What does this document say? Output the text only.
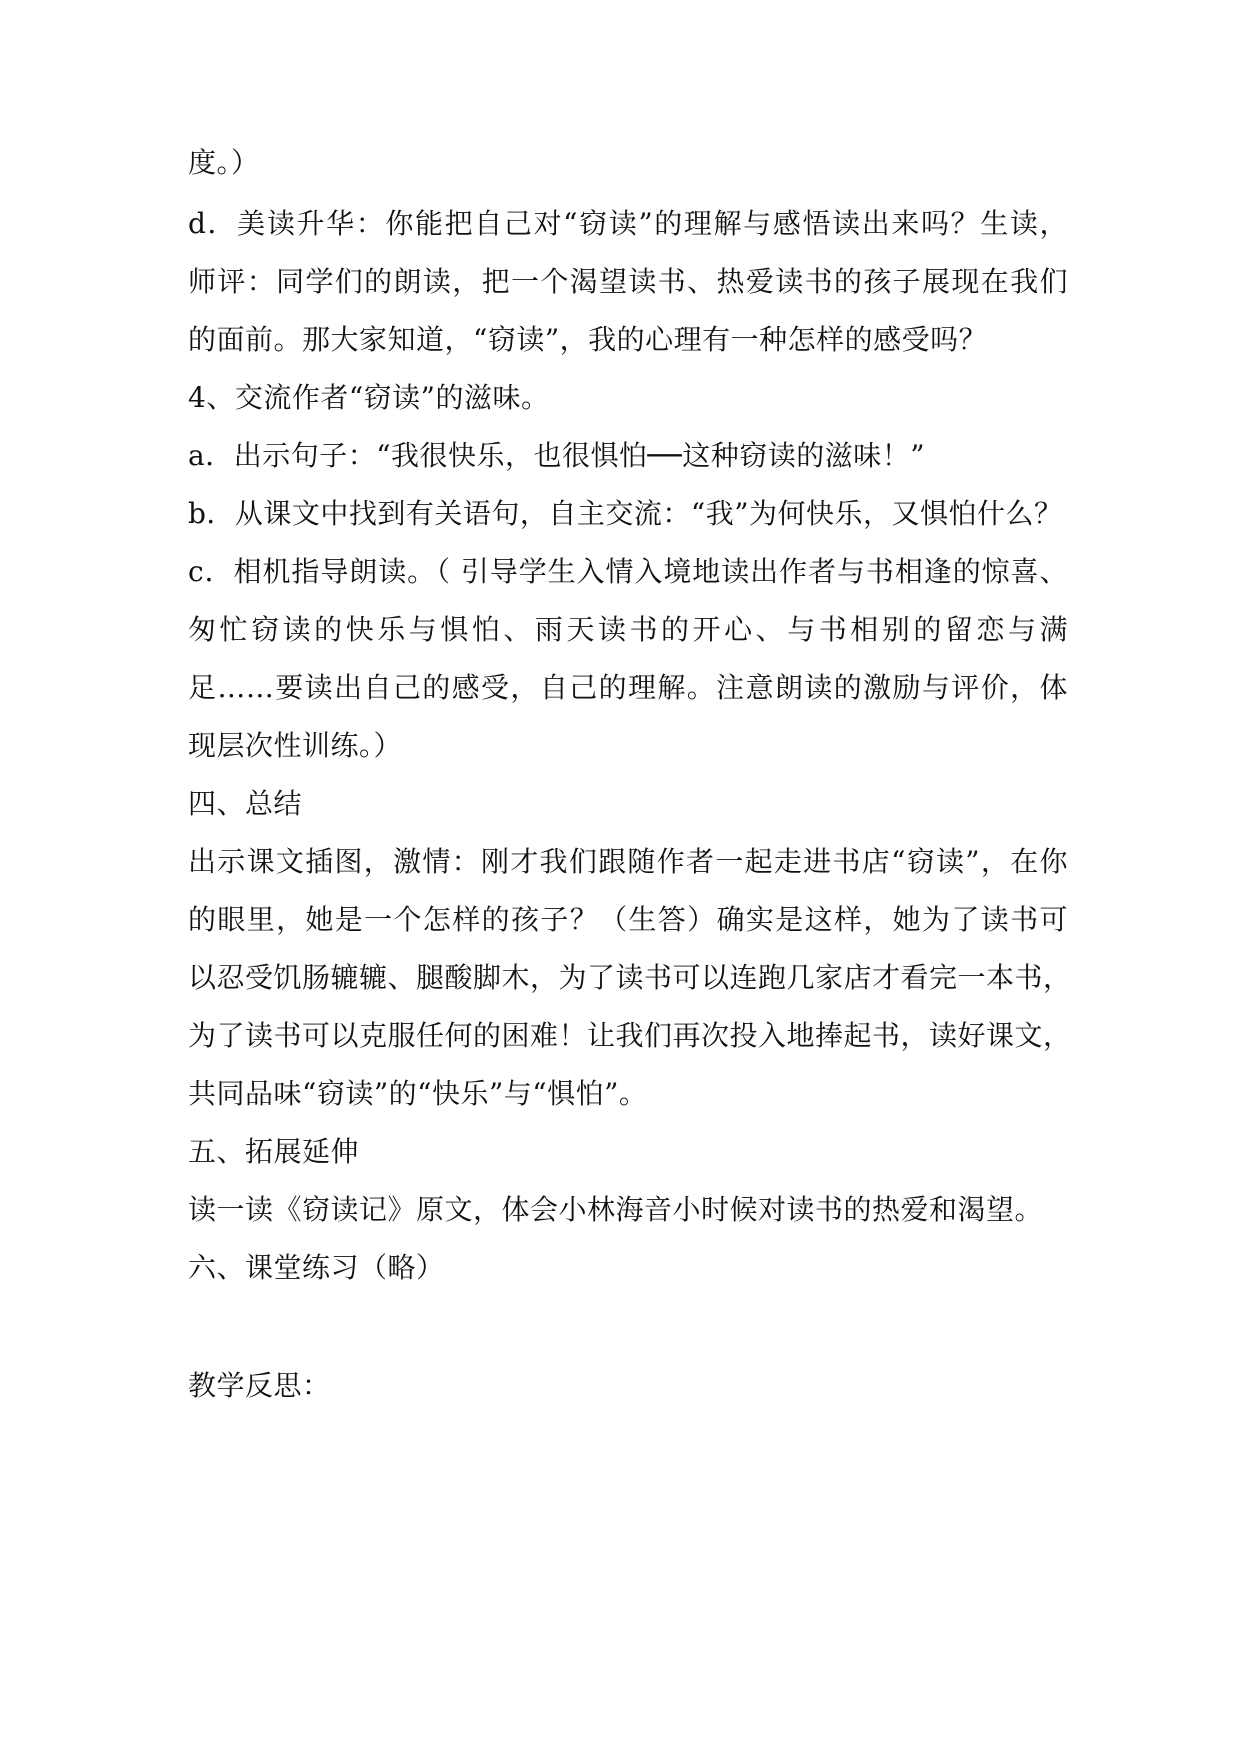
度。）
d．美读升华：你能把自己对“窃读”的理解与感悟读出来吗？生读，
师评：同学们的朗读，把一个渴望读书、热爱读书的孩子展现在我们
的面前。那大家知道，“窃读”，我的心理有一种怎样的感受吗？
4、交流作者“窃读”的滋味。
a．出示句子：“我很快乐，也很惧怕──这种窃读的滋味！”
b．从课文中找到有关语句，自主交流：“我”为何快乐，又惧怕什么？
c．相机指导朗读。（ 引导学生入情入境地读出作者与书相逢的惊喜、
匆忙窃读的快乐与惧怕、雨天读书的开心、与书相别的留恋与满
足……要读出自己的感受，自己的理解。注意朗读的激励与评价，体
现层次性训练。）
四、总结
出示课文插图，激情：刚才我们跟随作者一起走进书店“窃读”，在你
的眼里，她是一个怎样的孩子？（生答）确实是这样，她为了读书可
以忍受饥肠辘辘、腿酸脚木，为了读书可以连跑几家店才看完一本书，
为了读书可以克服任何的困难！让我们再次投入地捧起书，读好课文，
共同品味“窃读”的“快乐”与“惧怕”。
五、拓展延伸
读一读《窃读记》原文，体会小林海音小时候对读书的热爱和渴望。
六、课堂练习（略）
教学反思：
